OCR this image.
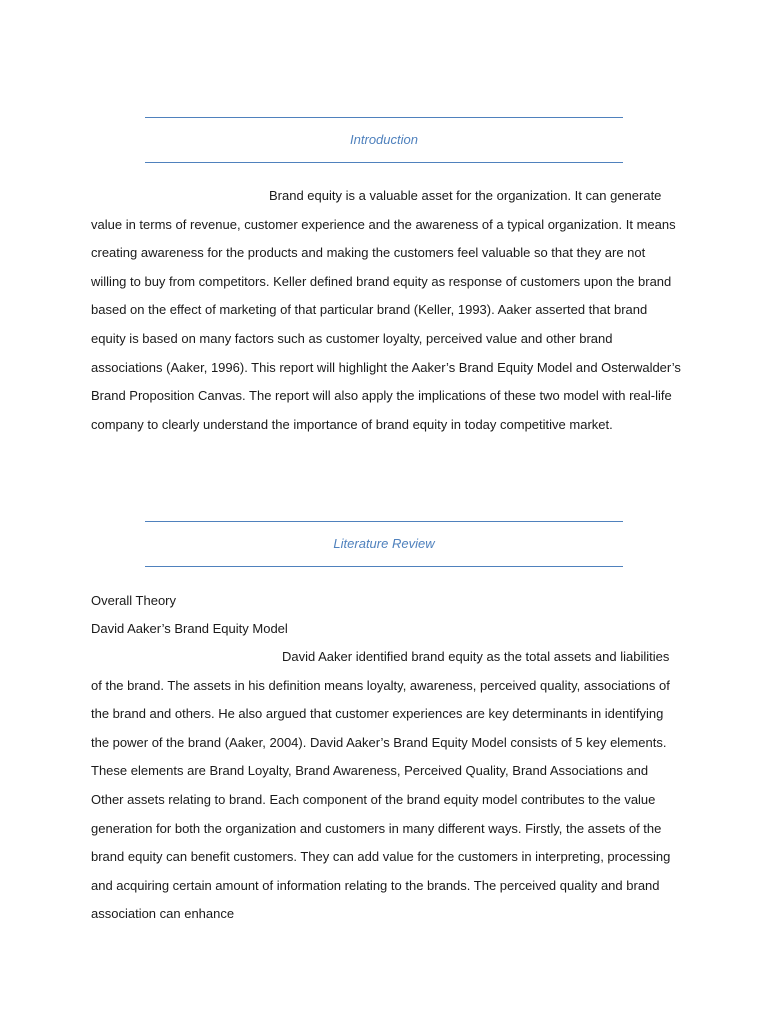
Introduction

Brand equity is a valuable asset for the organization. It can generate value in terms of revenue, customer experience and the awareness of a typical organization. It means creating awareness for the products and making the customers feel valuable so that they are not willing to buy from competitors. Keller defined brand equity as response of customers upon the brand based on the effect of marketing of that particular brand (Keller, 1993). Aaker asserted that brand equity is based on many factors such as customer loyalty, perceived value and other brand associations (Aaker, 1996). This report will highlight the Aaker’s Brand Equity Model and Osterwalder’s Brand Proposition Canvas. The report will also apply the implications of these two model with real-life company to clearly understand the importance of brand equity in today competitive market.

Literature Review
Overall Theory
David Aaker’s Brand Equity Model

David Aaker identified brand equity as the total assets and liabilities of the brand. The assets in his definition means loyalty, awareness, perceived quality, associations of the brand and others. He also argued that customer experiences are key determinants in identifying the power of the brand (Aaker, 2004). David Aaker’s Brand Equity Model consists of 5 key elements. These elements are Brand Loyalty, Brand Awareness, Perceived Quality, Brand Associations and Other assets relating to brand. Each component of the brand equity model contributes to the value generation for both the organization and customers in many different ways. Firstly, the assets of the brand equity can benefit customers. They can add value for the customers in interpreting, processing and acquiring certain amount of information relating to the brands. The perceived quality and brand association can enhance
